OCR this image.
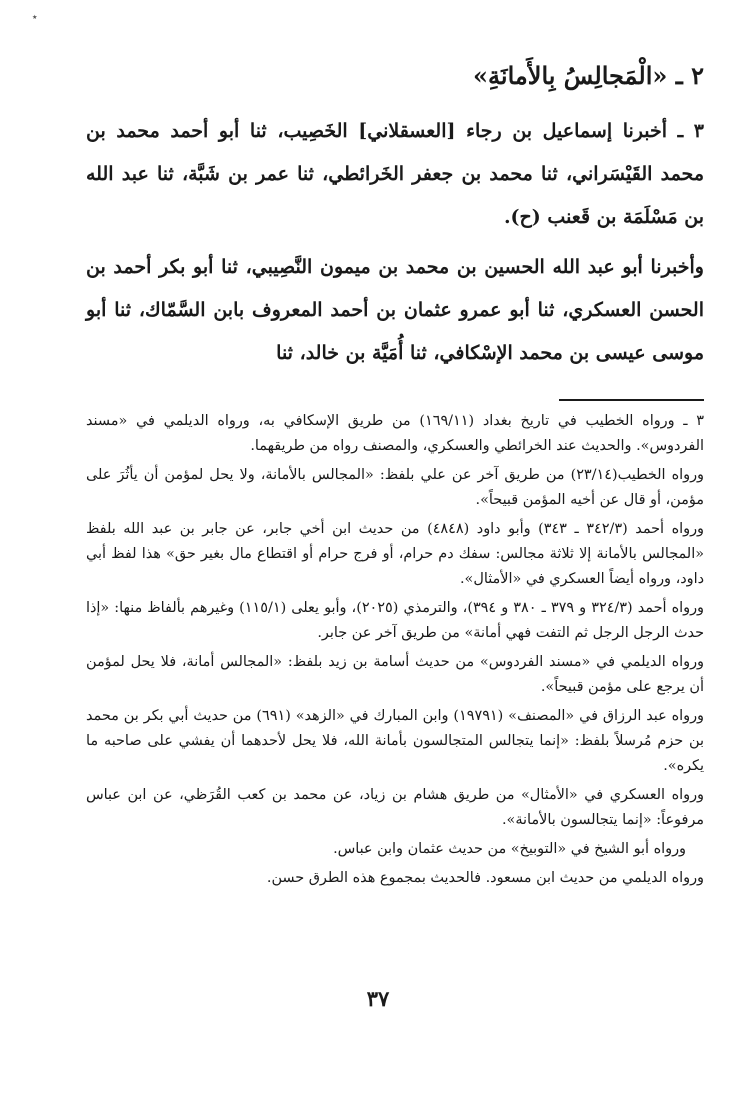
٭
٢ ـ «الْمَجالِسُ بِالأَمانَةِ»

٣ ـ أخبرنا إسماعيل بن رجاء [العسقلاني] الخَصِيب، ثنا أبو أحمد محمد بن محمد القَيْسَراني، ثنا محمد بن جعفر الخَرائطي، ثنا عمر بن شَبَّة، ثنا عبد الله بن مَسْلَمَة بن قَعنب (ح).

وأخبرنا أبو عبد الله الحسين بن محمد بن ميمون النَّصِيبي، ثنا أبو بكر أحمد بن الحسن العسكري، ثنا أبو عمرو عثمان بن أحمد المعروف بابن السَّمّاك، ثنا أبو موسى عيسى بن محمد الإسْكافي، ثنا أُمَيَّة بن خالد، ثنا

٣ ـ ورواه الخطيب في تاريخ بغداد (١٦٩/١١) من طريق الإسكافي به، ورواه الديلمي في «مسند الفردوس». والحديث عند الخرائطي والعسكري، والمصنف رواه من طريقهما.

ورواه الخطيب(٢٣/١٤) من طريق آخر عن علي بلفظ: «المجالس بالأمانة، ولا يحل لمؤمن أن يأثُرَ على مؤمن، أو قال عن أخيه المؤمن قبيحاً».

ورواه أحمد (٣٤٢/٣ ـ ٣٤٣) وأبو داود (٤٨٤٨) من حديث ابن أخي جابر، عن جابر بن عبد الله بلفظ «المجالس بالأمانة إلا ثلاثة مجالس: سفك دم حرام، أو فرج حرام أو اقتطاع مال بغير حق» هذا لفظ أبي داود، ورواه أيضاً العسكري في «الأمثال».

ورواه أحمد (٣٢٤/٣ و ٣٧٩ ـ ٣٨٠ و ٣٩٤)، والترمذي (٢٠٢٥)، وأبو يعلى (١١٥/١) وغيرهم بألفاظ منها: «إذا حدث الرجل الرجل ثم التفت فهي أمانة» من طريق آخر عن جابر.

ورواه الديلمي في «مسند الفردوس» من حديث أسامة بن زيد بلفظ: «المجالس أمانة، فلا يحل لمؤمن أن يرجع على مؤمن قبيحاً».

ورواه عبد الرزاق في «المصنف» (١٩٧٩١) وابن المبارك في «الزهد» (٦٩١) من حديث أبي بكر بن محمد بن حزم مُرسلاً بلفظ: «إنما يتجالس المتجالسون بأمانة الله، فلا يحل لأحدهما أن يفشي على صاحبه ما يكره».

ورواه العسكري في «الأمثال» من طريق هشام بن زياد، عن محمد بن كعب القُرَظي، عن ابن عباس مرفوعاً: «إنما يتجالسون بالأمانة».

ورواه أبو الشيخ في «التوبيخ» من حديث عثمان وابن عباس.

ورواه الديلمي من حديث ابن مسعود. فالحديث بمجموع هذه الطرق حسن.

٣٧
